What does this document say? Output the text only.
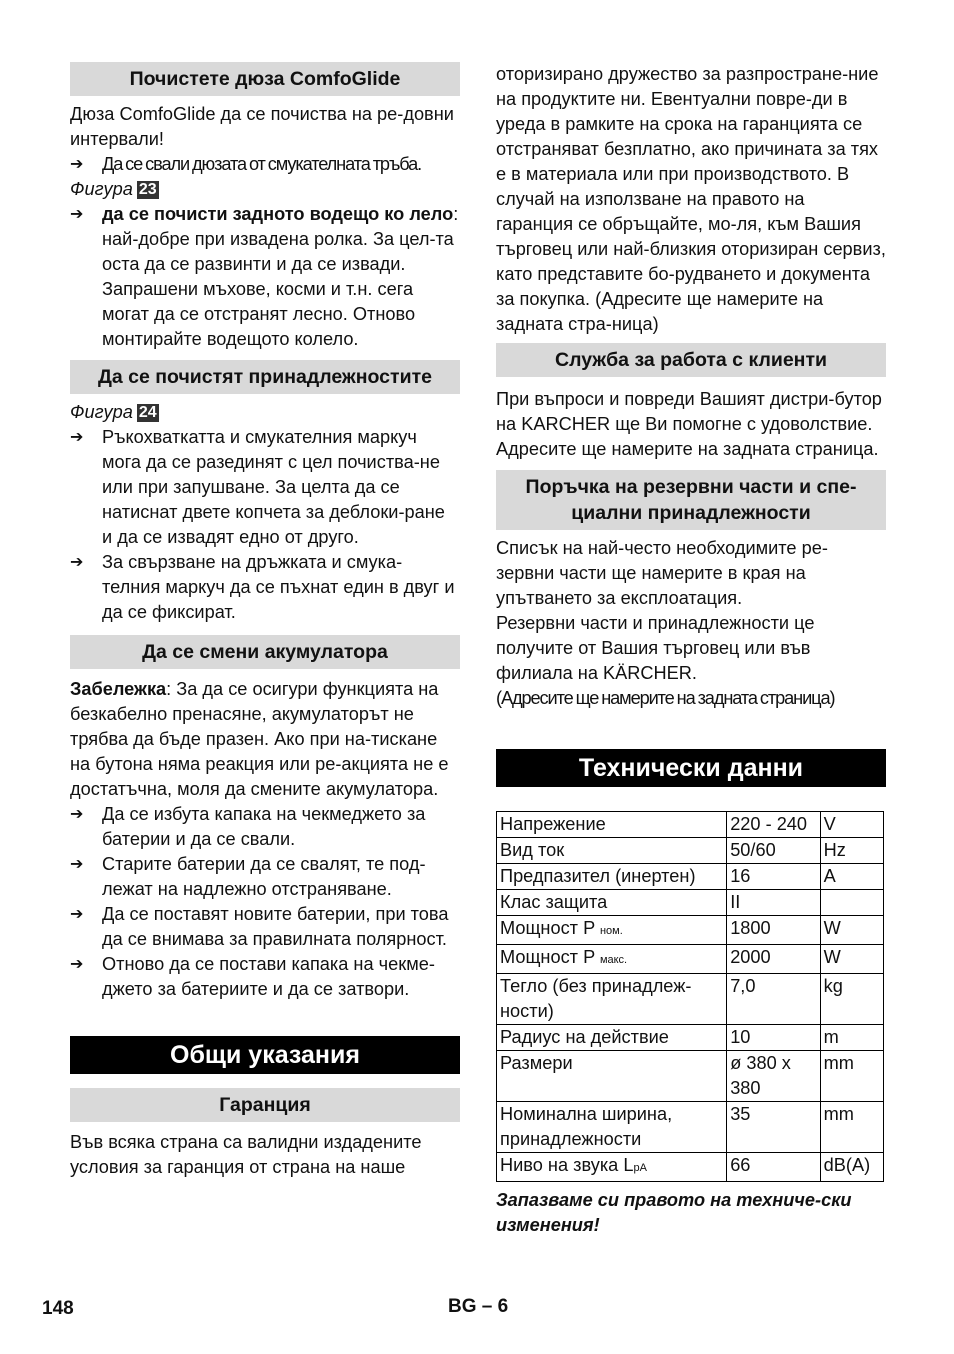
Почистете дюза ComfoGlide

Дюза ComfoGlide да се почиства на ре-довни интервали!

➔	Да се свали дюзата от смукателната тръба.
Фигура 23
➔	да се почисти задното водещо ко лело:

най-добре при извадена ролка. За цел-та оста да се развинти и да се извади. Запрашени мъхове, косми и т.н. сега могат да се отстранят лесно. Отново монтирайте водещото колело.

Да се почистят принадлежностите
Фигура 24
➔	Ръкохваткатта и смукателния маркуч мога да се разединят с цел почиства-не или при запушване. За целта да се натиснат двете копчета за деблоки-ране и да се извадят едно от друго.
➔	За свързване на дръжката и смука-телния маркуч да се пъхнат един в двуг и да се фиксират.
Да се смени акумулатора

Забележка: За да се осигури функцията на безкабелно пренасяне, акумулаторът не трябва да бъде празен. Ако при на-тискане на бутона няма реакция или ре-акцията не е достатъчна, моля да смените акумулатора.

➔	Да се избута капака на чекмеджето за батерии и да се свали.
➔	Старите батерии да се свалят, те под-лежат на надлежно отстраняване.
➔	Да се поставят новите батерии, при това да се внимава за правилната полярност.
➔	Отново да се постави капака на чекме-джето за батериите и да се затвори.
Общи указания
Гаранция

Във всяка страна са валидни издадените условия за гаранция от страна на наше

оторизирано дружество за разпростране-ние на продуктите ни. Евентуални повре-ди в уреда в рамките на срока на гаранцията се отстраняват безплатно, ако причината за тях е в материала или при производството. В случай на използване на правото на гаранция се обръщайте, мо-ля, към Вашия търговец или най-близкия оторизиран сервиз, като представите бо-рудването и документа за покупка. (Адресите ще намерите на задната стра-ница)

Служба за работа с клиенти

При въпроси и повреди Вашият дистри-бутор на KARCHER ще Ви помогне с удоволствие. Адресите ще намерите на задната страница.

Поръчка на резервни части и спе-циални принадлежности

Списък на най-често необходимите ре-зервни части ще намерите в края на упътването за експлоатация.

Резервни части и принадлежности це получите от Вашия търговец или във филиала на KÄRCHER.

(Адресите ще намерите на задната страница)

Технически данни
Напрежение	220 - 240	V
Вид ток	50/60	Hz
Предпазител (инертен)	16	A
Клас защита	II	
Мощност P ном.	1800	W
Мощност P макс.	2000	W
Тегло (без принадлеж-ности)	7,0	kg
Радиус на действие	10	m
Размери	ø 380 x 380	mm
Номинална ширина, принадлежности	35	mm
Ниво на звука LpA	66	dB(A)
Запазваме си правото на техниче-ски изменения!
148	BG – 6
